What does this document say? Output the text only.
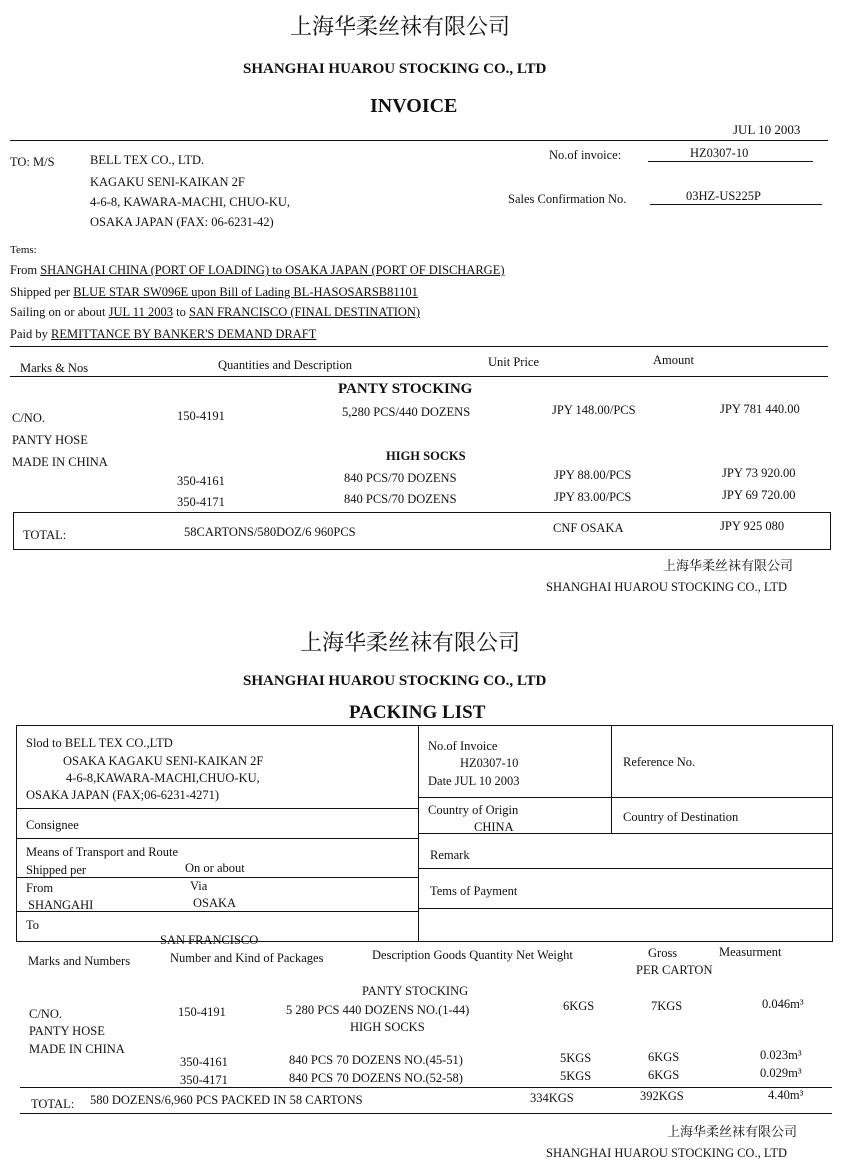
上海华柔丝袜有限公司
SHANGHAI HUAROU STOCKING CO., LTD
INVOICE
JUL 10 2003
TO: M/S	BELL TEX CO., LTD.
KAGAKU SENI-KAIKAN 2F
4-6-8, KAWARA-MACHI, CHUO-KU,
OSAKA JAPAN (FAX: 06-6231-42)
No.of invoice:	HZ0307-10
Sales Confirmation No.	03HZ-US225P
Tems:
From SHANGHAI CHINA (PORT OF LOADING) to OSAKA JAPAN (PORT OF DISCHARGE)
Shipped per BLUE STAR SW096E upon Bill of Lading BL-HASOSARSB81101
Sailing on or about JUL 11 2003 to SAN FRANCISCO (FINAL DESTINATION)
Paid by REMITTANCE BY BANKER'S DEMAND DRAFT
Marks & Nos	Quantities and Description	Unit Price	Amount
PANTY STOCKING
C/NO.
PANTY HOSE
MADE IN CHINA
150-4191	5,280 PCS/440 DOZENS	JPY 148.00/PCS	JPY 781 440.00
HIGH SOCKS
350-4161	840 PCS/70 DOZENS	JPY 88.00/PCS	JPY 73 920.00
350-4171	840 PCS/70 DOZENS	JPY 83.00/PCS	JPY 69 720.00
TOTAL:	58CARTONS/580DOZ/6 960PCS	CNF OSAKA	JPY 925 080
上海华柔丝袜有限公司
SHANGHAI HUAROU STOCKING CO., LTD
上海华柔丝袜有限公司
SHANGHAI HUAROU STOCKING CO., LTD
PACKING LIST
Slod to BELL TEX CO.,LTD
OSAKA KAGAKU SENI-KAIKAN 2F
4-6-8,KAWARA-MACHI,CHUO-KU,
OSAKA JAPAN (FAX;06-6231-4271)
No.of Invoice
HZ0307-10
Date JUL 10 2003
Reference No.
Consignee
Country of Origin
CHINA
Country of Destination
Means of Transport and Route
Shipped per	On or about
Remark
From
SHANGAHI
Via
OSAKA
Tems of Payment
To
SAN FRANCISCO
Marks and Numbers	Number and Kind of Packages	Description Goods Quantity Net Weight	Gross	Measurment
PER CARTON
PANTY STOCKING
C/NO.
PANTY HOSE
MADE IN CHINA
150-4191	5 280 PCS 440 DOZENS NO.(1-44)	6KGS	7KGS	0.046m³
HIGH SOCKS
350-4161	840 PCS 70 DOZENS NO.(45-51)	5KGS	6KGS	0.023m³
350-4171	840 PCS 70 DOZENS NO.(52-58)	5KGS	6KGS	0.029m³
TOTAL: 580 DOZENS/6,960 PCS PACKED IN 58 CARTONS	334KGS	392KGS	4.40m³
上海华柔丝袜有限公司
SHANGHAI HUAROU STOCKING CO., LTD
